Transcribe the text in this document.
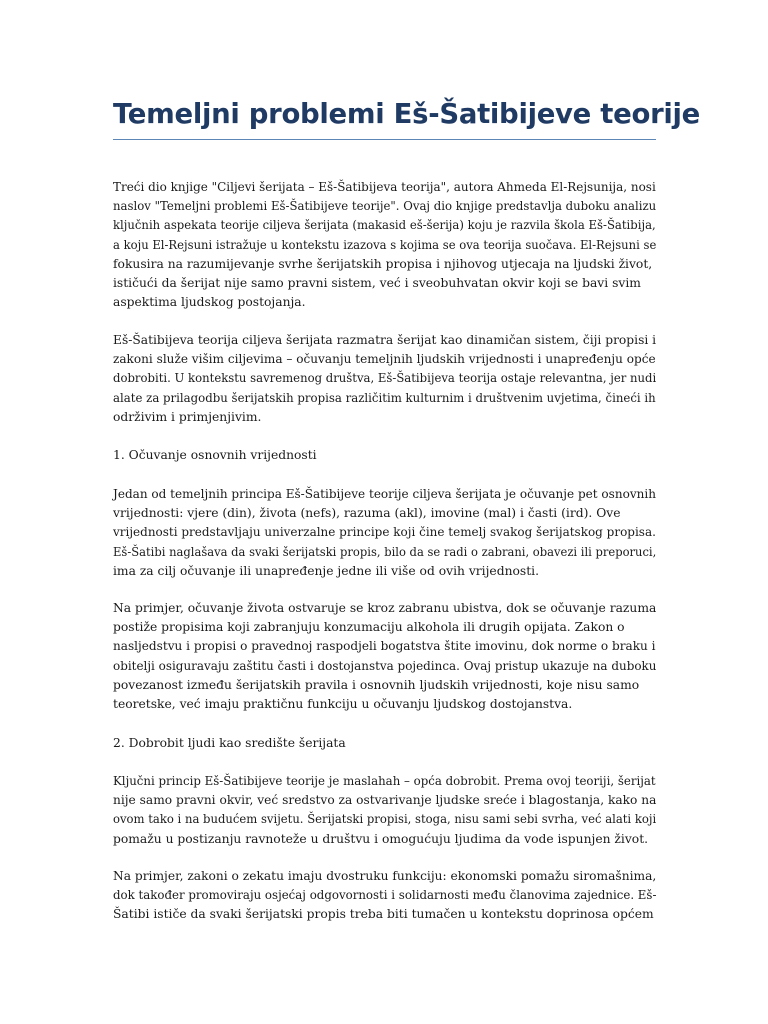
Temeljni problemi Eš-Šatibijeve teorije

Treći dio knjige "Ciljevi šerijata – Eš-Šatibijeva teorija", autora Ahmeda El-Rejsunija, nosi
naslov "Temeljni problemi Eš-Šatibijeve teorije". Ovaj dio knjige predstavlja duboku analizu
ključnih aspekata teorije ciljeva šerijata (makasid eš-šerija) koju je razvila škola Eš-Šatibija,
a koju El-Rejsuni istražuje u kontekstu izazova s kojima se ova teorija suočava. El-Rejsuni se
fokusira na razumijevanje svrhe šerijatskih propisa i njihovog utjecaja na ljudski život,
ističući da šerijat nije samo pravni sistem, već i sveobuhvatan okvir koji se bavi svim
aspektima ljudskog postojanja.

Eš-Šatibijeva teorija ciljeva šerijata razmatra šerijat kao dinamičan sistem, čiji propisi i
zakoni služe višim ciljevima – očuvanju temeljnih ljudskih vrijednosti i unapređenju opće
dobrobiti. U kontekstu savremenog društva, Eš-Šatibijeva teorija ostaje relevantna, jer nudi
alate za prilagodbu šerijatskih propisa različitim kulturnim i društvenim uvjetima, čineći ih
održivim i primjenjivim.

1. Očuvanje osnovnih vrijednosti

Jedan od temeljnih principa Eš-Šatibijeve teorije ciljeva šerijata je očuvanje pet osnovnih
vrijednosti: vjere (din), života (nefs), razuma (akl), imovine (mal) i časti (ird). Ove
vrijednosti predstavljaju univerzalne principe koji čine temelj svakog šerijatskog propisa.
Eš-Šatibi naglašava da svaki šerijatski propis, bilo da se radi o zabrani, obavezi ili preporuci,
ima za cilj očuvanje ili unapređenje jedne ili više od ovih vrijednosti.

Na primjer, očuvanje života ostvaruje se kroz zabranu ubistva, dok se očuvanje razuma
postiže propisima koji zabranjuju konzumaciju alkohola ili drugih opijata. Zakon o
nasljedstvu i propisi o pravednoj raspodjeli bogatstva štite imovinu, dok norme o braku i
obitelji osiguravaju zaštitu časti i dostojanstva pojedinca. Ovaj pristup ukazuje na duboku
povezanost između šerijatskih pravila i osnovnih ljudskih vrijednosti, koje nisu samo
teoretske, već imaju praktičnu funkciju u očuvanju ljudskog dostojanstva.

2. Dobrobit ljudi kao središte šerijata

Ključni princip Eš-Šatibijeve teorije je maslahah – opća dobrobit. Prema ovoj teoriji, šerijat
nije samo pravni okvir, već sredstvo za ostvarivanje ljudske sreće i blagostanja, kako na
ovom tako i na budućem svijetu. Šerijatski propisi, stoga, nisu sami sebi svrha, već alati koji
pomažu u postizanju ravnoteže u društvu i omogućuju ljudima da vode ispunjen život.

Na primjer, zakoni o zekatu imaju dvostruku funkciju: ekonomski pomažu siromašnima,
dok također promoviraju osjećaj odgovornosti i solidarnosti među članovima zajednice. Eš-
Šatibi ističe da svaki šerijatski propis treba biti tumačen u kontekstu doprinosa općem
